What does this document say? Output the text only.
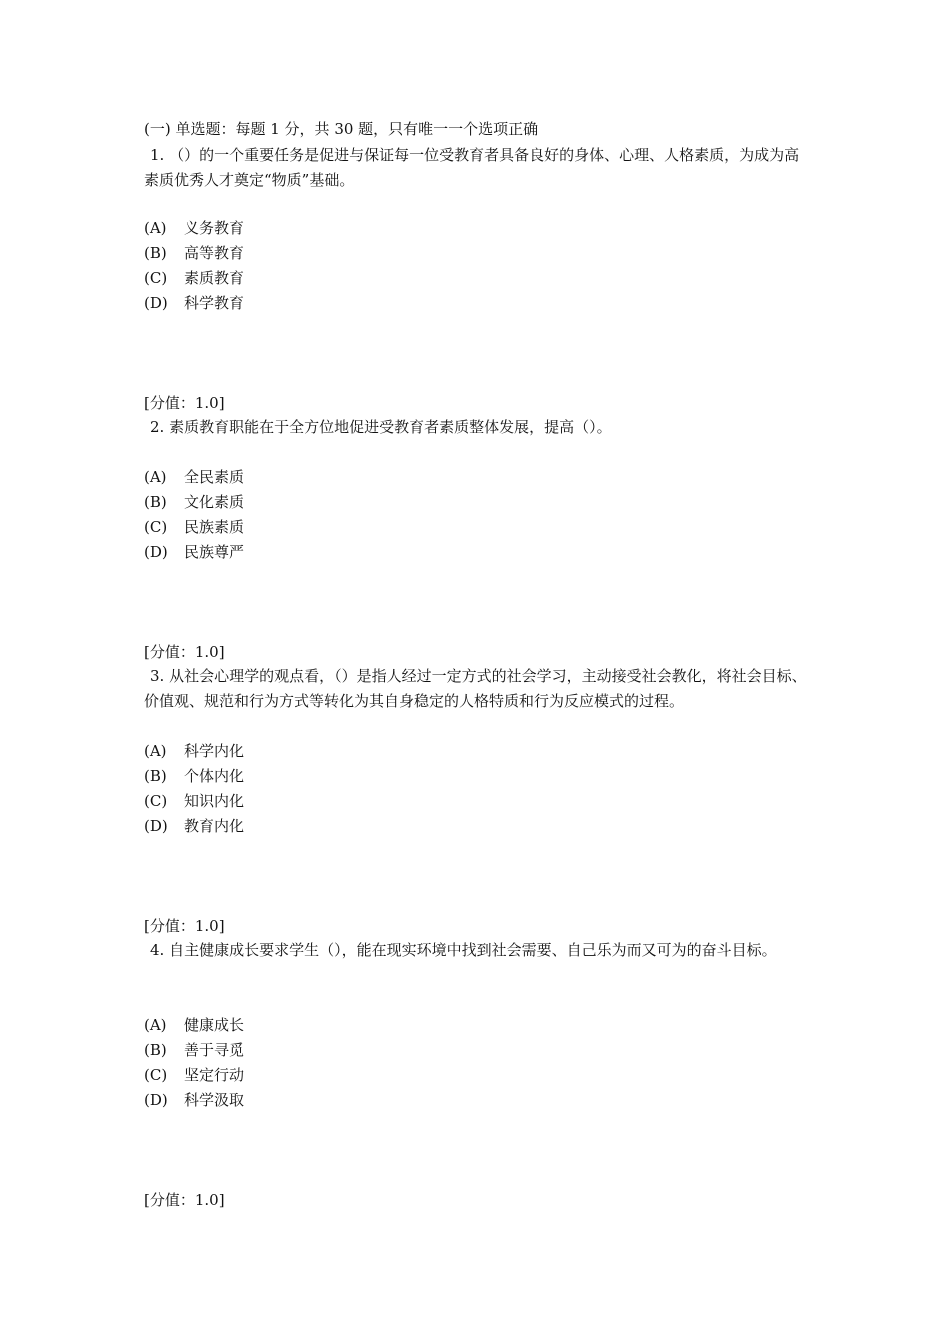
(一) 单选题：每题 1 分，共 30 题，只有唯一一个选项正确
1. （）的一个重要任务是促进与保证每一位受教育者具备良好的身体、心理、人格素质，为成为高素质优秀人才奠定“物质”基础。
(A) 义务教育
(B) 高等教育
(C) 素质教育
(D) 科学教育
[分值：1.0]
2. 素质教育职能在于全方位地促进受教育者素质整体发展，提高（）。
(A) 全民素质
(B) 文化素质
(C) 民族素质
(D) 民族尊严
[分值：1.0]
3. 从社会心理学的观点看，（）是指人经过一定方式的社会学习，主动接受社会教化，将社会目标、价值观、规范和行为方式等转化为其自身稳定的人格特质和行为反应模式的过程。
(A) 科学内化
(B) 个体内化
(C) 知识内化
(D) 教育内化
[分值：1.0]
4. 自主健康成长要求学生（），能在现实环境中找到社会需要、自己乐为而又可为的奋斗目标。
(A) 健康成长
(B) 善于寻觅
(C) 坚定行动
(D) 科学汲取
[分值：1.0]
